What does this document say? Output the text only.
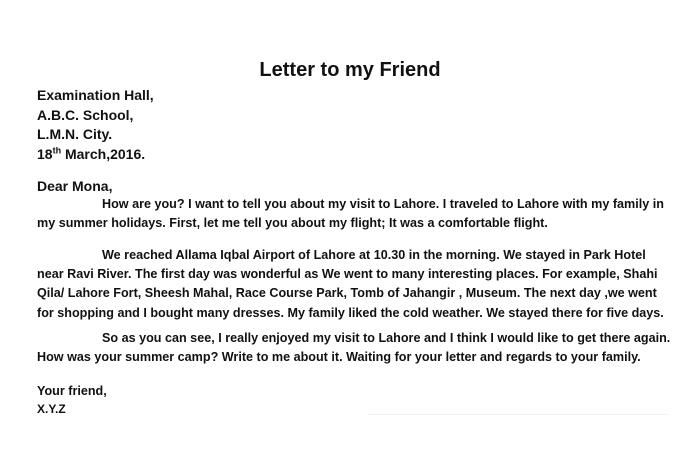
Letter to my Friend
Examination Hall,
A.B.C. School,
L.M.N. City.
18th March,2016.
Dear Mona,
How are you? I want to tell you about my visit to Lahore. I traveled to Lahore with my family in
my summer holidays. First, let me tell you about my flight; It was a comfortable flight.
We reached Allama Iqbal Airport of Lahore at 10.30 in the morning. We stayed in Park Hotel
near Ravi River. The first day was wonderful as We went to many interesting places. For example, Shahi
Qila/ Lahore Fort, Sheesh Mahal, Race Course Park, Tomb of Jahangir , Museum. The next day ,we went
for shopping and I bought many dresses. My family liked the cold weather. We stayed there for five days.
So as you can see, I really enjoyed my visit to Lahore and I think I would like to get there again.
How was your summer camp? Write to me about it. Waiting for your letter and regards to your family.
Your friend,
X.Y.Z
